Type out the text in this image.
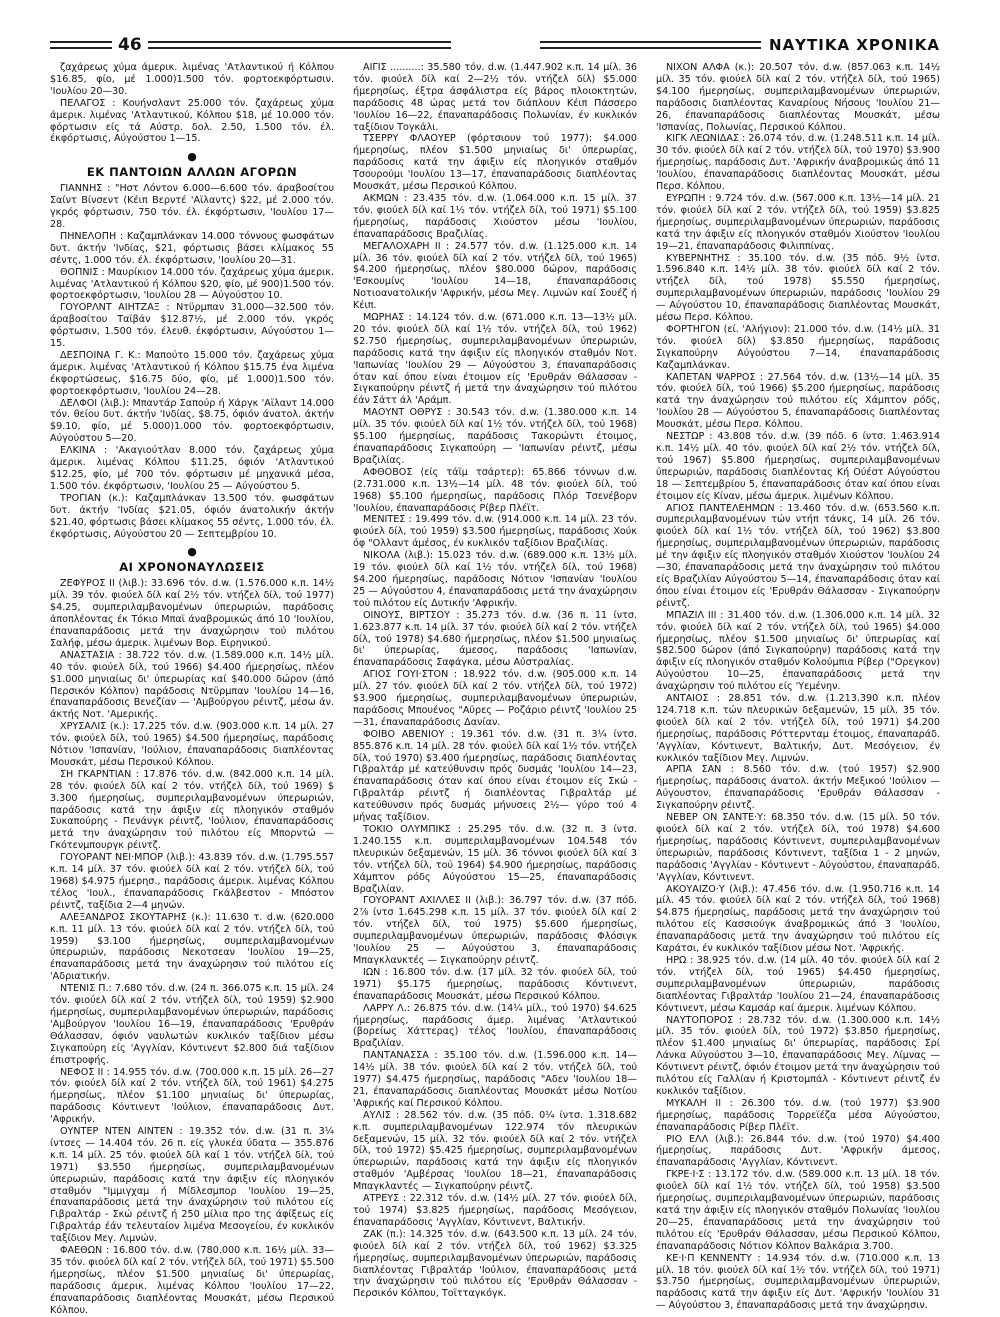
46	ΝΑΥΤΙΚΑ ΧΡΟΝΙΚΑ

ζαχάρεως χύμα άμερικ. λιμένας 'Ατλαντικού ή Κόλπου $16.85, φίο, μέ 1.000)1.500 τόν. φορτοεκφόρτωσιν. 'Ιουλίου 20—30.

ΠΕΛΑΓΟΣ : Κουήνσλαντ 25.000 τόν. ζαχάρεως χύμα άμερικ. λιμένας 'Ατλαντικού, Κόλπου $18, μέ 10.000 τόν. φόρτωσιν είς τά Αύστρ. δολ. 2.50, 1.500 τόν. έλ. έκφόρτωσις, Αύγούστου 1—15.

●
ΕΚ ΠΑΝΤΟΙΩΝ ΑΛΛΩΝ ΑΓΟΡΩΝ

ΓΙΑΝΝΗΣ : "Ηστ Λόντον 6.000—6.600 τόν. άραβοσίτου Σαίντ Βίνσεντ (Κέιπ Βερντέ 'Αϊλαντς) $22, μέ 2.000 τόν. γκρός φόρτωσιν, 750 τόν. έλ. έκφόρτωσιν, 'Ιουλίου 17—28.

ΠΗΝΕΛΟΠΗ : Καζαμπλάνκαν 14.000 τόννους φωσφάτων δυτ. άκτήν 'Ινδίας, $21, φόρτωσις βάσει κλίμακος 55 σέντς, 1.000 τόν. έλ. έκφόρτωσιν, 'Ιουλίου 20—31.

ΘΟΠΝΙΣ : Μαυρίκιον 14.000 τόν. ζαχάρεως χύμα άμερικ. λιμένας 'Ατλαντικού ή Κόλπου $20, φίο, μέ 900)1.500 τόν. φορτοεκφόρτωσιν, 'Ιουλίου 28 — Αύγούστου 10.

ΓΟΥΟΡΛΝΤ ΑΙΗΤΖΑΞ : Ντϋρμπαν 31.000—32.500 τόν. άραβοσίτου Ταϊβάν $12.87½, μέ 2.000 τόν. γκρός φόρτωσιν, 1.500 τόν. έλευθ. έκφόρτωσιν, Αύγούστου 1—15.

ΔΕΣΠΟΙΝΑ Γ. Κ.: Μαπούτο 15.000 τόν. ζαχάρεως χύμα άμερικ. λιμένας 'Ατλαντικού ή Κόλπου $15.75 ένα λιμένα έκφορτώσεως, $16.75 δύο, φίο, μέ 1.000)1.500 τόν. φορτοεκφόρτωσιν, 'Ιουλίου 24—28.

ΔΕΛΦΟΙ (λιβ.): Μπαντάρ Σαπούρ ή Χάργκ 'Αϊλαντ 14.000 τόν. θείου δυτ. άκτήν 'Ινδίας, $8.75, όφιόν άνατολ. άκτήν $9.10, φίο, μέ 5.000)1.000 τόν. φορτοεκφόρτωσιν, Αύγούστου 5—20.

ΕΛΚΙΝΑ : 'Ακαγιούτλαν 8.000 τόν. ζαχάρεως χύμα άμερικ. λιμένας Κόλπου $11.25, όφιόν 'Ατλαντικού $12.25, φίο, μέ 700 τόν. φόρτωσιν μέ μηχανικά μέσα, 1.500 τόν. έκφόρτωσιν, 'Ιουλίου 25 — Αύγούστου 5.

ΤΡΟΓΙΑΝ (κ.): Καζαμπλάνκαν 13.500 τόν. φωσφάτων δυτ. άκτήν 'Ινδίας $21.05, όφιόν άνατολικήν άκτήν $21.40, φόρτωσις βάσει κλίμακος 55 σέντς, 1.000 τόν. έλ. έκφόρτωσις, Αύγούστου 20 — Σεπτεμβρίου 10.

●
ΑΙ ΧΡΟΝΟΝΑΥΛΩΣΕΙΣ

ΖΕΦΥΡΟΣ ΙΙ (λιβ.): 33.696 τόν. d.w. (1.576.000 κ.π. 14½ μίλ. 39 τόν. φιούελ δίλ καί 2½ τόν. ντήζελ δίλ, τού 1977) $4.25, συμπεριλαμβανομένων ύπερωριών, παράδοσις άποπλέοντας έκ Τόκιο Μπαϊ άναβρομικώς άπό 10 'Ιουλίου, έπαναπαράδοσις μετά την άναχώρησιν τού πιλότου Σαλήφ, μέσω άμερικ. λιμένων Βορ. Ειρηνικού.

ΑΝΑΣΤΑΣΙΑ : 38.722 τόν. d.w. (1.589.000 κ.π. 14½ μίλ. 40 τόν. φιούελ δίλ, τού 1966) $4.400 ήμερησίως, πλέον $1.000 μηνιαίως δι' ύπερωρίας καί $40.000 δώρον (άπό Περσικόν Κόλπον) παράδοσις Ντϋρμπαν 'Ιουλίου 14—16, έπαναπαράδοσις Βενεζίαν — 'Αμβούργου ρέιντζ, μέσω άν. άκτής Νοτ. 'Αμερικής.

ΧΡΥΣΑΛΙΣ (κ.): 17.225 τόν. d.w. (903.000 κ.π. 14 μίλ. 27 τόν. φιούελ δίλ, τού 1965) $4.500 ήμερησίως, παράδοσις Νότιον 'Ισπανίαν, 'Ιούλιον, έπαναπαράδοσις διαπλέοντας Μουσκάτ, μέσω Περσικού Κόλπου.

ΣΗ ΓΚΑΡΝΤΙΑΝ : 17.876 τόν. d.w. (842.000 κ.π. 14 μίλ. 28 τόν. φιούελ δίλ καί 2 τόν. ντήζελ δίλ, τού 1969) $ 3.300 ήμερησίως, συμπεριλαμβανομένων ύπερωριών, παράδοσις κατά την άφιξιν είς πλοηγικόν σταθμόν Συκαπούρης - Πενάνγκ ρέιντζ, 'Ιούλιον, έπαναπαράδοσις μετά την άναχώρησιν τού πιλότου είς Μπορντώ — Γκότενμπουργκ ρέιντζ.

ΓΟΥΟΡΑΝΤ ΝΕΙ·ΜΠΟΡ (λιβ.): 43.839 τόν. d.w. (1.795.557 κ.π. 14 μίλ. 37 τόν. φιούελ δίλ καί 2 τόν. ντήζελ δίλ, τού 1968) $4.975 ήμερησ., παράδοσις άμερικ. λιμένας Κόλπου τέλος 'Ιουλ., έπαναπαράδοσις Γκάλβεστον - Μπόστον ρέιντζ, ταξίδια 2—4 μηνών.

ΑΛΕΞΑΝΔΡΟΣ ΣΚΟΥΤΑΡΗΣ (κ.): 11.630 τ. d.w. (620.000 κ.π. 11 μίλ. 13 τόν. φιούελ δίλ καί 2 τόν. ντήζελ δίλ, τού 1959) $3.100 ήμερησίως, συμπεριλαμβανομένων ύπερωριών, παράδοσις Νεκοτσεαν 'Ιουλίου 19—25, έπαναπαράδοσις μετά την άναχώρησιν τού πιλότου είς 'Αδριατικήν.

ΝΤΕΝΙΣ Π.: 7.680 τόν. d.w. (24 π. 366.075 κ.π. 15 μίλ. 24 τόν. φιούελ δίλ καί 2 τόν. ντήζελ δίλ, τού 1959) $2.900 ήμερησίως, συμπεριλαμβανομένων ύπερωριών, παράδοσις 'Αμβούργον 'Ιουλίου 16—19, έπαναπαράδοσις 'Ερυθράν Θάλασσαν, όφιόν ναυλωτών κυκλικόν ταξίδιον μέσω Σιγκαπούρη είς 'Αγγλίαν, Κόντινεντ $2.800 διά ταξίδιον έπιστροφής.

ΝΕΦΟΣ ΙΙ : 14.955 τόν. d.w. (700.000 κ.π. 15 μίλ. 26—27 τόν. φιούελ δίλ καί 2 τόν. ντήζελ δίλ, τού 1961) $4.275 ήμερησίως, πλέον $1.100 μηνιαίως δι' ύπερωρίας, παράδοσις Κόντινεντ 'Ιούλιον, έπαναπαράδοσις Δυτ. 'Αφρικήν.

ΟΥΝΤΕΡ ΝΤΕΝ ΑΙΝΤΕΝ : 19.352 τόν. d.w. (31 π. 3¼ ίντσες — 14.404 τόν. 26 π. είς γλυκέα ύδατα — 355.876 κ.π. 14 μίλ. 25 τόν. φιούελ δίλ καί 1 τόν. ντήζελ δίλ, τού 1971) $3.550 ήμερησίως, συμπεριλαμβανομένων ύπερωριών, παράδοσις κατά την άφιξιν είς πλοηγικόν σταθμόν "Ιμμιγχαμ ή Μίδλεσμπορ 'Ιουλίου 19—25, έπαναπαράδοσις μετά την άναχώρησιν τού πιλότου είς Γιβραλτάρ - Σκώ ρέιντζ ή 250 μίλια προ της άφίξεως είς Γιβραλτάρ έάν τελευταίον λιμένα Μεσογείου, έν κυκλικόν ταξίδιον Μεγ. Λιμνών.

ΦΑΕΘΩΝ : 16.800 τόν. d.w. (780.000 κ.π. 16½ μίλ. 33—35 τόν. φιούελ δίλ καί 2 τόν. ντήζελ δίλ, τού 1971) $5.500 ήμερησίως, πλέον $1.500 μηνιαίως δι' ύπερωρίας, παράδοσις άμερικ. λιμένας Κόλπου 'Ιουλίου 17—22, έπαναπαράδοσις διαπλέοντας Μουσκάτ, μέσω Περσικού Κόλπου.

ΑΙΓΙΣ ..........: 35.580 τόν. d.w. (1.447.902 κ.π. 14 μίλ. 36 τόν. φιούελ δίλ καί 2—2½ τόν. ντήζελ δίλ) $5.000 ήμερησίως, έξτρα άσφάλιστρα είς βάρος πλοιοκτητών, παράδοσις 48 ώρας μετά τον διάπλουν Κέιπ Πάσσερο 'Ιουλίου 16—22, έπαναπαράδοσις Πολωνίαν, έν κυκλικόν ταξίδιον Τογκάλι.

ΤΣΕΡΡΥ ΦΛΑΟΥΕΡ (φόρτσιουν τού 1977): $4.000 ήμερησίως, πλέον $1.500 μηνιαίως δι' ύπερωρίας, παράδοσις κατά την άφιξιν είς πλοηγικόν σταθμόν Τσουρούμι 'Ιουλίου 13—17, έπαναπαράδοσις διαπλέοντας Μουσκάτ, μέσω Περσικού Κόλπου.

ΑΚΜΩΝ : 23.435 τόν. d.w. (1.064.000 κ.π. 15 μίλ. 37 τόν. φιούελ δίλ καί 1½ τόν. ντήζελ δίλ, τού 1971) $5.100 ήμερησίως, παράδοσις Χιούστον μέσω 'Ιουλίου, έπαναπαράδοσις Βραζιλίας.

ΜΕΓΑΛΟΧΑΡΗ ΙΙ : 24.577 τόν. d.w. (1.125.000 κ.π. 14 μίλ. 36 τόν. φιούελ δίλ καί 2 τόν. ντήζελ δίλ, τού 1965) $4.200 ήμερησίως, πλέον $80.000 δώρον, παράδοσις 'Εσκουμίνς 'Ιουλίου 14—18, έπαναπαράδοσις Νοτιοανατολικήν 'Αφρικήν, μέσω Μεγ. Λιμνών καί Σουέζ ή Κέιπ.

ΜΩΡΗΑΣ : 14.124 τόν. d.w. (671.000 κ.π. 13—13½ μίλ. 20 τόν. φιούελ δίλ καί 1½ τόν. ντήζελ δίλ, τού 1962) $2.750 ήμερησίως, συμπεριλαμβανομένων ύπερωριών, παράδοσις κατά την άφιξιν είς πλοηγικόν σταθμόν Νοτ. 'Ιαπωνίας 'Ιουλίου 29 — Αύγούστου 3, έπαναπαράδοσις όταν καί όπου είναι έτοιμον είς 'Ερυθράν Θάλασσαν - Σιγκαπούρην ρέιντζ ή μετά την άναχώρησιν τού πιλότου έάν Σάττ άλ 'Αράμπ.

ΜΑΟΥΝΤ ΟΘΡΥΣ : 30.543 τόν. d.w. (1.380.000 κ.π. 14 μίλ. 35 τόν. φιούελ δίλ καί 1½ τόν. ντήζελ δίλ, τού 1968) $5.100 ήμερησίως, παράδοσις Τακορώντι έτοιμος, έπαναπαράδοσις Σιγκαπούρη — 'Ιαπωνίαν ρέιντζ, μέσω Βραζιλίας.

ΑΦΘΟΒΟΣ (είς τάϊμ τσάρτερ): 65.866 τόννων d.w. (2.731.000 κ.π. 13½—14 μίλ. 48 τόν. φιούελ δίλ, τού 1968) $5.100 ήμερησίως, παράδοσις Πλόρ Τσενέβορν 'Ιουλίου, έπαναπαράδοσις Ρίβερ Πλέϊτ.

ΜΕΝΙΤΕΣ : 19.499 τόν. d.w. (914.000 κ.π. 14 μίλ. 23 τόν. φιούελ δίλ, τού 1959) $3.500 ήμερησίως, παράδοσις Χούκ όφ "Ολλαντ άμέσος, έν κυκλικόν ταξίδιον Βραζιλίας.

ΝΙΚΟΛΑ (λιβ.): 15.023 τόν. d.w. (689.000 κ.π. 13½ μίλ. 19 τόν. φιούελ δίλ καί 1½ τόν. ντήζελ δίλ, τού 1968) $4.200 ήμερησίως, παράδοσις Νότιον 'Ισπανίαν 'Ιουλίου 25 — Αύγούστου 4, έπαναπαράδοσις μετά την άναχώρησιν τού πιλότου είς Δυτικήν 'Αφρικήν.

ΟΙΝΟΥΣ, ΒΙΡΤΣΟΥ : 35.273 τόν. d.w. (36 π. 11 ίντσ. 1.623.877 κ.π. 14 μίλ. 37 τόν. φιούελ δίλ καί 2 τόν. ντήζελ δίλ, τού 1978) $4.680 ήμερησίως, πλέον $1.500 μηνιαίως δι' ύπερωρίας, άμεσος, παράδοσις 'Ιαπωνίαν, έπαναπαράδοσις Σαφάγκα, μέσω Αύστραλίας.

ΑΓΙΟΣ ΓΟΥΙ·ΣΤΟΝ : 18.922 τόν. d.w. (905.000 κ.π. 14 μίλ. 27 τόν. φιούελ δίλ καί 2 τόν. ντήζελ δίλ, τού 1972) $3.900 ήμερησίως, συμπεριλαμβανομένων ύπερωριών, παράδοσις Μπουένος "Αϋρες — Ροζάριο ρέιντζ 'Ιουλίου 25—31, έπαναπαράδοσις Δανίαν.

ΦΟΙΒΟ ΑΒΕΝΙΟΥ : 19.361 τόν. d.w. (31 π. 3¼ ίντσ. 855.876 κ.π. 14 μίλ. 28 τόν. φιούελ δίλ καί 1½ τόν. ντήζελ δίλ, τού 1970) $3.400 ήμερησίως, παράδοσις διαπλέοντας Γιβραλτάρ μέ κατεύθυνσιν πρός δυσμάς 'Ιουλίου 14—23, έπαναπαράδοσις όταν καί όπου είναι έτοιμον είς Σκώ - Γιβραλτάρ ρέιντζ ή διαπλέοντας Γιβραλτάρ μέ κατεύθυνσιν πρός δυσμάς μήνυσεις 2½— γύρο τού 4 μήνας ταξίδιον.

ΤΟΚΙΟ ΟΛΥΜΠΙΚΣ : 25.295 τόν. d.w. (32 π. 3 ίντσ. 1.240.155 κ.π. συμπεριλαμβανομένων 104.548 τόν πλευρικών δεξαμενών, 15 μίλ. 36 τόννοι φιούελ δίλ καί 3 τόν. ντήζελ δίλ, τού 1964) $4.900 ήμερησίως, παράδοσις Χάμπτον ρόδς Αύγούστου 15—25, έπαναπαράδοσις Βραζιλίαν.

ΓΟΥΟΡΑΝΤ ΑΧΙΛΛΕΣ ΙΙ (λιβ.): 36.797 τόν. d.w. (37 πόδ. 2⅞ ίντσ 1.645.298 κ.π. 15 μίλ. 37 τόν. φιούελ δίλ καί 2 τόν. ντήζελ δίλ, τού 1975) $5.600 ήμερησίως, συμπεριλαμβανομένων ύπερωριών, παράδοσις Φλόσιγκ 'Ιουλίου 25 — Αύγούστου 3, έπαναπαράδοσις Μπαγκλανκτές — Σιγκαπούρην ρέιντζ.

ΙΩΝ : 16.800 τόν. d.w. (17 μίλ. 32 τόν. φιούελ δίλ, τού 1971) $5.175 ήμερησίως, παράδοσις Κόντινεντ, έπαναπαράδοσις Μουσκάτ, μέσω Περσικού Κόλπου.

ΛΑΡΡΥ Λ.: 26.875 τόν. d.w. (14¼ μίλ., τού 1970) $4.625 ήμερησίως, παράδοσις άμερ. λιμένας 'Ατλαντικού (βορείως Χάττερας) τέλος 'Ιουλίου, έπαναπαράδοσις Βραζιλίαν.

ΠΑΝΤΑΝΑΣΣΑ : 35.100 τόν. d.w. (1.596.000 κ.π. 14—14½ μίλ. 38 τόν. φιούελ δίλ καί 2 τόν. ντήζελ δίλ, τού 1977) $4.475 ήμερησίως, παράδοσις "Αδεν 'Ιουλίου 18—21, έπαναπαράδοσις διαπλέοντας Μουσκάτ μέσω Νοτίου 'Αφρικής καί Περσικού Κόλπου.

ΑΥΛΙΣ : 28.562 τόν. d.w. (35 πόδ. 0¼ ίντσ. 1.318.682 κ.π. συμπεριλαμβανομένων 122.974 τόν πλευρικών δεξαμενών, 15 μίλ. 32 τόν. φιούελ δίλ καί 2 τόν. ντήζελ δίλ, τού 1972) $5.425 ήμερησίως, συμπεριλαμβανομένων ύπερωριών, παράδοσις κατά την άφιξιν είς πλοηγικόν σταθμόν 'Αμβέρσας 'Ιουλίου 18—21, έπαναπαράδοσις Μπαγκλαντές — Σιγκαπούρην ρέιντζ.

ΑΤΡΕΥΣ : 22.312 τόν. d.w. (14½ μίλ. 27 τόν. φιούελ δίλ, τού 1974) $3.825 ήμερησίως, παράδοσις Μεσόγειον, έπαναπαράδοσις 'Αγγλίαν, Κόντινεντ, Βαλτικήν.

ΖΑΚ (π.): 14.325 τόν. d.w. (643.500 κ.π. 13 μίλ. 24 τόν. φιούελ δίλ καί 2 τόν. ντήζελ δίλ, τού 1962) $3.325 ήμερησίως, συμπεριλαμβανομένων ύπερωριών, παράδοσις διαπλέοντας Γιβραλτάρ 'Ιούλιον, έπαναπαράδοσις μετά την άναχώρησιν τού πιλότου είς 'Ερυθράν Θάλασσαν - Περσικόν Κόλπου, Τοϊτταγκόγκ.

ΝΙΧΟΝ ΑΛΦΑ (κ.): 20.507 τόν. d.w. (857.063 κ.π. 14½ μίλ. 35 τόν. φιούελ δίλ καί 2 τόν. ντήζελ δίλ, τού 1965) $4.100 ήμερησίως, συμπεριλαμβανομένων ύπερωριών, παράδοσις διαπλέοντας Καναρίους Νήσους 'Ιουλίου 21—26, έπαναπαράδοσις διαπλέοντας Μουσκάτ, μέσω 'Ισπανίας, Πολωνίας, Περσικού Κόλπου.

ΚΙΓΚ ΛΕΩΝΙΔΑΣ : 26.074 τόν. d.w. (1.248.511 κ.π. 14 μίλ. 30 τόν. φιούελ δίλ καί 2 τόν. ντήζελ δίλ, τού 1970) $3.900 ήμερησίως, παράδοσις Δυτ. 'Αφρικήν άναβρομικώς άπό 11 'Ιουλίου, έπαναπαράδοσις διαπλέοντας Μουσκάτ, μέσω Περσ. Κόλπου.

ΕΥΡΩΠΗ : 9.724 τόν. d.w. (567.000 κ.π. 13½—14 μίλ. 21 τόν. φιούελ δίλ καί 2 τόν. ντήζελ δίλ, τού 1959) $3.825 ήμερησίως, συμπεριλαμβανομένων ύπερωριών, παράδοσις κατά την άφιξιν είς πλοηγικόν σταθμόν Χιούστον 'Ιουλίου 19—21, έπαναπαράδοσις Φιλιππίνας.

ΚΥΒΕΡΝΗΤΗΣ : 35.100 τόν. d.w. (35 πόδ. 9½ ίντσ. 1.596.840 κ.π. 14½ μίλ. 38 τόν. φιούελ δίλ καί 2 τόν. ντήζελ δίλ, τού 1978) $5.550 ήμερησίως, συμπεριλαμβανομένων ύπερωριών, παράδοσις 'Ιουλίου 29 — Αύγούστου 10, έπαναπαράδοσις διαπλέοντας Μουσκάτ, μέσω Περσ. Κόλπου.

ΦΟΡΤΗΓΟΝ (εί. 'Αλήγιον): 21.000 τόν. d.w. (14½ μίλ. 31 τόν. φιούελ δίλ) $3.850 ήμερησίως, παράδοσις Σιγκαπούρην Αύγούστου 7—14, έπαναπαράδοσις Καζαμπλάνκαν.

ΚΑΠΕΤΑΝ ΨΑΡΡΟΣ : 27.564 τόν. d.w. (13½—14 μίλ. 35 τόν. φιούελ δίλ, τού 1966) $5.200 ήμερησίως, παράδοσις κατά την άναχώρησιν τού πιλότου είς Χάμπτον ρόδς, 'Ιουλίου 28 — Αύγούστου 5, έπαναπαράδοσις διαπλέοντας Μουσκάτ, μέσω Περσ. Κόλπου.

ΝΕΣΤΩΡ : 43.808 τόν. d.w. (39 πόδ. 6 ίντσ. 1.463.914 κ.π. 14½ μίλ. 40 τόν. φιούελ δίλ καί 2½ τόν. ντήζελ δίλ, τού 1967) $5.800 ήμερησίως, συμπεριλαμβανομένων ύπερωριών, παράδοσις διαπλέοντας Κή Ούέστ Αύγούστου 18 — Σεπτεμβρίου 5, έπαναπαράδοσις όταν καί όπου είναι έτοιμον είς Κίναν, μέσω άμερικ. λιμένων Κόλπου.

ΑΓΙΟΣ ΠΑΝΤΕΛΕΗΜΩΝ : 13.460 τόν. d.w. (653.560 κ.π. συμπεριλαμβανομένων τών ντήπ τάνκς, 14 μίλ. 26 τόν. φιούελ δίλ καί 1½ τόν. ντήζελ δίλ, τού 1962) $3.800 ήμερησίως, συμπεριλαμβανομένων ύπερωριών, παράδοσις μέ την άφιξιν είς πλοηγικόν σταθμόν Χιούστον 'Ιουλίου 24—30, έπαναπαράδοσις μετά την άναχώρησιν τού πιλότου είς Βραζιλίαν Αύγούστου 5—14, έπαναπαράδοσις όταν καί όπου είναι έτοιμον είς 'Ερυθράν Θάλασσαν - Σιγκαπούρην ρέιντζ.

ΜΠΑΖΙΛ ΙΙΙ : 31.400 τόν. d.w. (1.306.000 κ.π. 14 μίλ. 32 τόν. φιούελ δίλ καί 2 τόν. ντήζελ δίλ, τού 1965) $4.000 ήμερησίως, πλέον $1.500 μηνιαίως δι' ύπερωρίας καί $82.500 δώρον (άπό Σιγκαπούρην) παράδοσις κατά την άφιξιν είς πλοηγικόν σταθμόν Κολούμπια Ρίβερ ("Ορεγκον) Αύγούστου 10—25, έπαναπαράδοσις μετά την άναχώρησιν τού πιλότου είς 'Υεμένην.

ΑΝΤΑΙΟΣ : 28.851 τόν. d.w. (1.213.390 κ.π. πλέον 124.718 κ.π. τών πλευρικών δεξαμενών, 15 μίλ. 35 τόν. φιούελ δίλ καί 2 τόν. ντήζελ δίλ, τού 1971) $4.200 ήμερησίως, παράδοσις Ρόττερνταμ έτοιμος, έπαναπαράδ. 'Αγγλίαν, Κόντινεντ, Βαλτικήν, Δυτ. Μεσόγειον, έν κυκλικόν ταξίδιον Μεγ. Λιμνών.

ΑΡΠΑ ΣΑΝ : 8.560 τόν. d.w. (τού 1957) $2.900 ήμερησίως, παράδοσις άνατολ. άκτήν Μεξικού 'Ιούλιον — Αύγουστον, έπαναπαράδοσις 'Ερυθράν Θάλασσαν - Σιγκαπούρην ρέιντζ.

ΝΕΒΕΡ ΟΝ ΣΑΝΤΕ·Υ: 68.350 τόν. d.w. (15 μίλ. 50 τόν. φιούελ δίλ καί 2 τόν. ντήζελ δίλ, τού 1978) $4.600 ήμερησίως, παράδοσις Κόντινεντ, συμπεριλαμβανομένων ύπερωριών, παράδοσις Κόντινεντ, ταξίδια 1 - 2 μηνών, παράδοσις 'Αγγλίαν - Κόντινεντ - Αύγούστου, έπαναπαράδ. 'Αγγλίαν, Κόντινεντ.

ΑΚΟΥΑΙΖΟ·Υ (λιβ.): 47.456 τόν. d.w. (1.950.716 κ.π. 14 μίλ. 45 τόν. φιούελ δίλ καί 2 τόν. ντήζελ δίλ, τού 1968) $4.875 ήμερησίως, παράδοσις μετά την άναχώρησιν τού πιλότου είς Κασσιούγκ άναβρομικώς άπό 3 'Ιουλίου, έπαναπαράδοσις μετά την άναχώρησιν τού πιλότου είς Καράτσι, έν κυκλικόν ταξίδιον μέσω Νοτ. 'Αφρικής.

ΗΡΩ : 38.925 τόν. d.w. (14 μίλ. 40 τόν. φιούελ δίλ καί 2 τόν. ντήζελ δίλ, τού 1965) $4.450 ήμερησίως, συμπεριλαμβανομένων ύπερωριών, παράδοσις διαπλέοντας Γιβραλτάρ 'Ιουλίου 21—24, έπαναπαράδοσις Κόντινεντ, μέσω Καμσάρ καί άμερικ. λιμένων Κόλπου.

ΝΑΥΤΟΠΟΡΟΣ : 28.732 τόν. d.w. (1.300.000 κ.π. 14½ μίλ. 35 τόν. φιούελ δίλ, τού 1972) $3.850 ήμερησίως, πλέον $1.400 μηνιαίως δι' ύπερωρίας, παράδοσις Σρί Λάνκα Αύγούστου 3—10, έπαναπαράδοσις Μεγ. Λίμνας — Κόντινεντ ρέιντζ, όφιόν έτοιμον μετά την άναχώρησιν τού πιλότου είς Γαλλίαν ή Κριστομπάλ - Κόντινεντ ρέιντζ έν κυκλικόν ταξίδιον.

ΜΥΚΑΛΗ ΙΙ : 26.300 τόν. d.w. (τού 1977) $3.900 ήμερησίως, παράδοσις Τορρεϊέζα μέσα Αύγούστου, έπαναπαράδοσις Ρίβερ Πλέϊτ.

ΡΙΟ ΕΛΛ (λιβ.): 26.844 τόν. d.w. (τού 1970) $4.400 ήμερησίως, παράδοσις Δυτ. 'Αφρικήν άμεσος, έπαναπαράδοσις 'Αγγλίαν, Κόντινεντ.

ΓΚΡΕ·Ι·Σ : 13.172 τόν. d.w. (589.000 κ.π. 13 μίλ. 18 τόν. φιούελ δίλ καί 1½ τόν. ντήζελ δίλ, τού 1958) $3.500 ήμερησίως, συμπεριλαμβανομένων ύπερωριών, παράδοσις κατά την άφιξιν είς πλοηγικόν σταθμόν Πολωνίας 'Ιουλίου 20—25, έπαναπαράδοσις μετά την άναχώρησιν τού πιλότου είς 'Ερυθράν Θάλασσαν, μέσω Περσικού Κόλπου, έπαναπαράδοσις Νότιον Κόλπον Βαλκάρια 3.700.

ΚΕ·Ι·Π ΚΕΝΝΕΝΤΥ : 14.934 τόν. d.w. (710.000 κ.π. 13 μίλ. 18 τόν. φιούελ δίλ καί 1½ τόν. ντήζελ δίλ, τού 1971) $3.750 ήμερησίως, συμπεριλαμβανομένων ύπερωριών, παράδοσις κατά την άφιξιν είς Δυτ. 'Αφρικήν 'Ιουλίου 31 — Αύγούστου 3, έπαναπαράδοσις μετά την άναχώρησιν.
